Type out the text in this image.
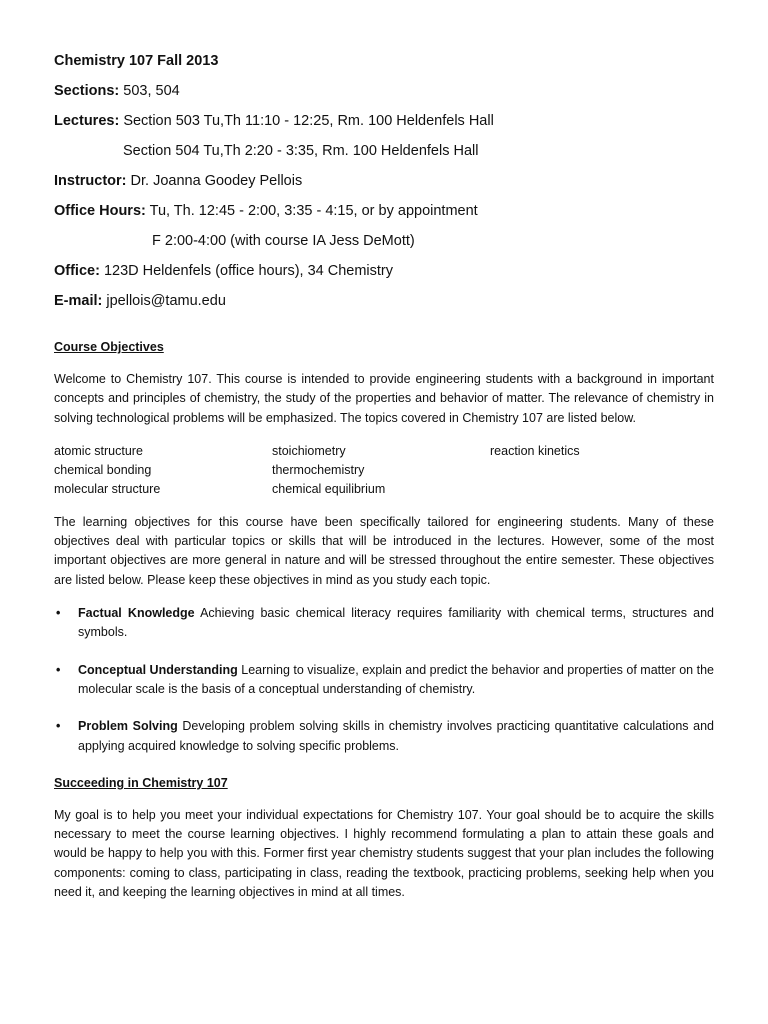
Chemistry 107 Fall 2013
Sections: 503, 504
Lectures: Section 503 Tu,Th 11:10 - 12:25, Rm. 100 Heldenfels Hall
Section 504 Tu,Th 2:20 - 3:35, Rm. 100 Heldenfels Hall
Instructor: Dr. Joanna Goodey Pellois
Office Hours: Tu, Th. 12:45 - 2:00, 3:35 - 4:15, or by appointment
F 2:00-4:00 (with course IA Jess DeMott)
Office: 123D Heldenfels (office hours), 34 Chemistry
E-mail: jpellois@tamu.edu
Course Objectives
Welcome to Chemistry 107. This course is intended to provide engineering students with a background in important concepts and principles of chemistry, the study of the properties and behavior of matter. The relevance of chemistry in solving technological problems will be emphasized. The topics covered in Chemistry 107 are listed below.
atomic structure	stoichiometry	reaction kinetics
chemical bonding	thermochemistry
molecular structure	chemical equilibrium
The learning objectives for this course have been specifically tailored for engineering students. Many of these objectives deal with particular topics or skills that will be introduced in the lectures. However, some of the most important objectives are more general in nature and will be stressed throughout the entire semester. These objectives are listed below. Please keep these objectives in mind as you study each topic.
• Factual Knowledge Achieving basic chemical literacy requires familiarity with chemical terms, structures and symbols.
• Conceptual Understanding Learning to visualize, explain and predict the behavior and properties of matter on the molecular scale is the basis of a conceptual understanding of chemistry.
• Problem Solving Developing problem solving skills in chemistry involves practicing quantitative calculations and applying acquired knowledge to solving specific problems.
Succeeding in Chemistry 107
My goal is to help you meet your individual expectations for Chemistry 107. Your goal should be to acquire the skills necessary to meet the course learning objectives. I highly recommend formulating a plan to attain these goals and would be happy to help you with this. Former first year chemistry students suggest that your plan includes the following components: coming to class, participating in class, reading the textbook, practicing problems, seeking help when you need it, and keeping the learning objectives in mind at all times.
